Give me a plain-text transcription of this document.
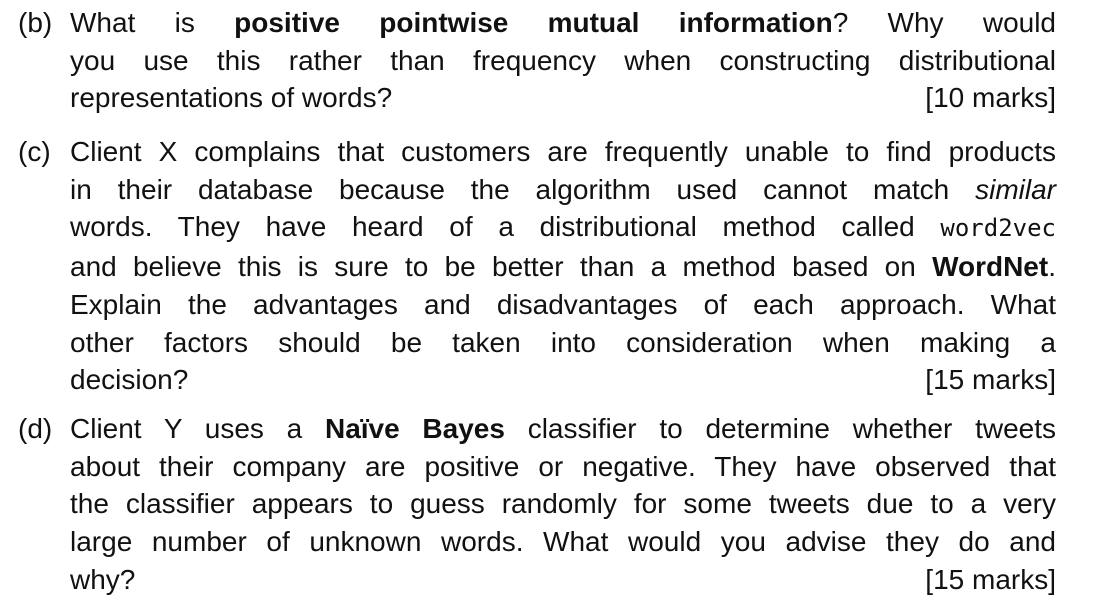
(b) What is positive pointwise mutual information? Why would
you use this rather than frequency when constructing distributional
representations of words?	[10 marks]
(c) Client X complains that customers are frequently unable to find products
in their database because the algorithm used cannot match similar
words. They have heard of a distributional method called word2vec
and believe this is sure to be better than a method based on WordNet.
Explain the advantages and disadvantages of each approach. What
other factors should be taken into consideration when making a
decision?	[15 marks]
(d) Client Y uses a Naïve Bayes classifier to determine whether tweets
about their company are positive or negative. They have observed that
the classifier appears to guess randomly for some tweets due to a very
large number of unknown words. What would you advise they do and
why?	[15 marks]
